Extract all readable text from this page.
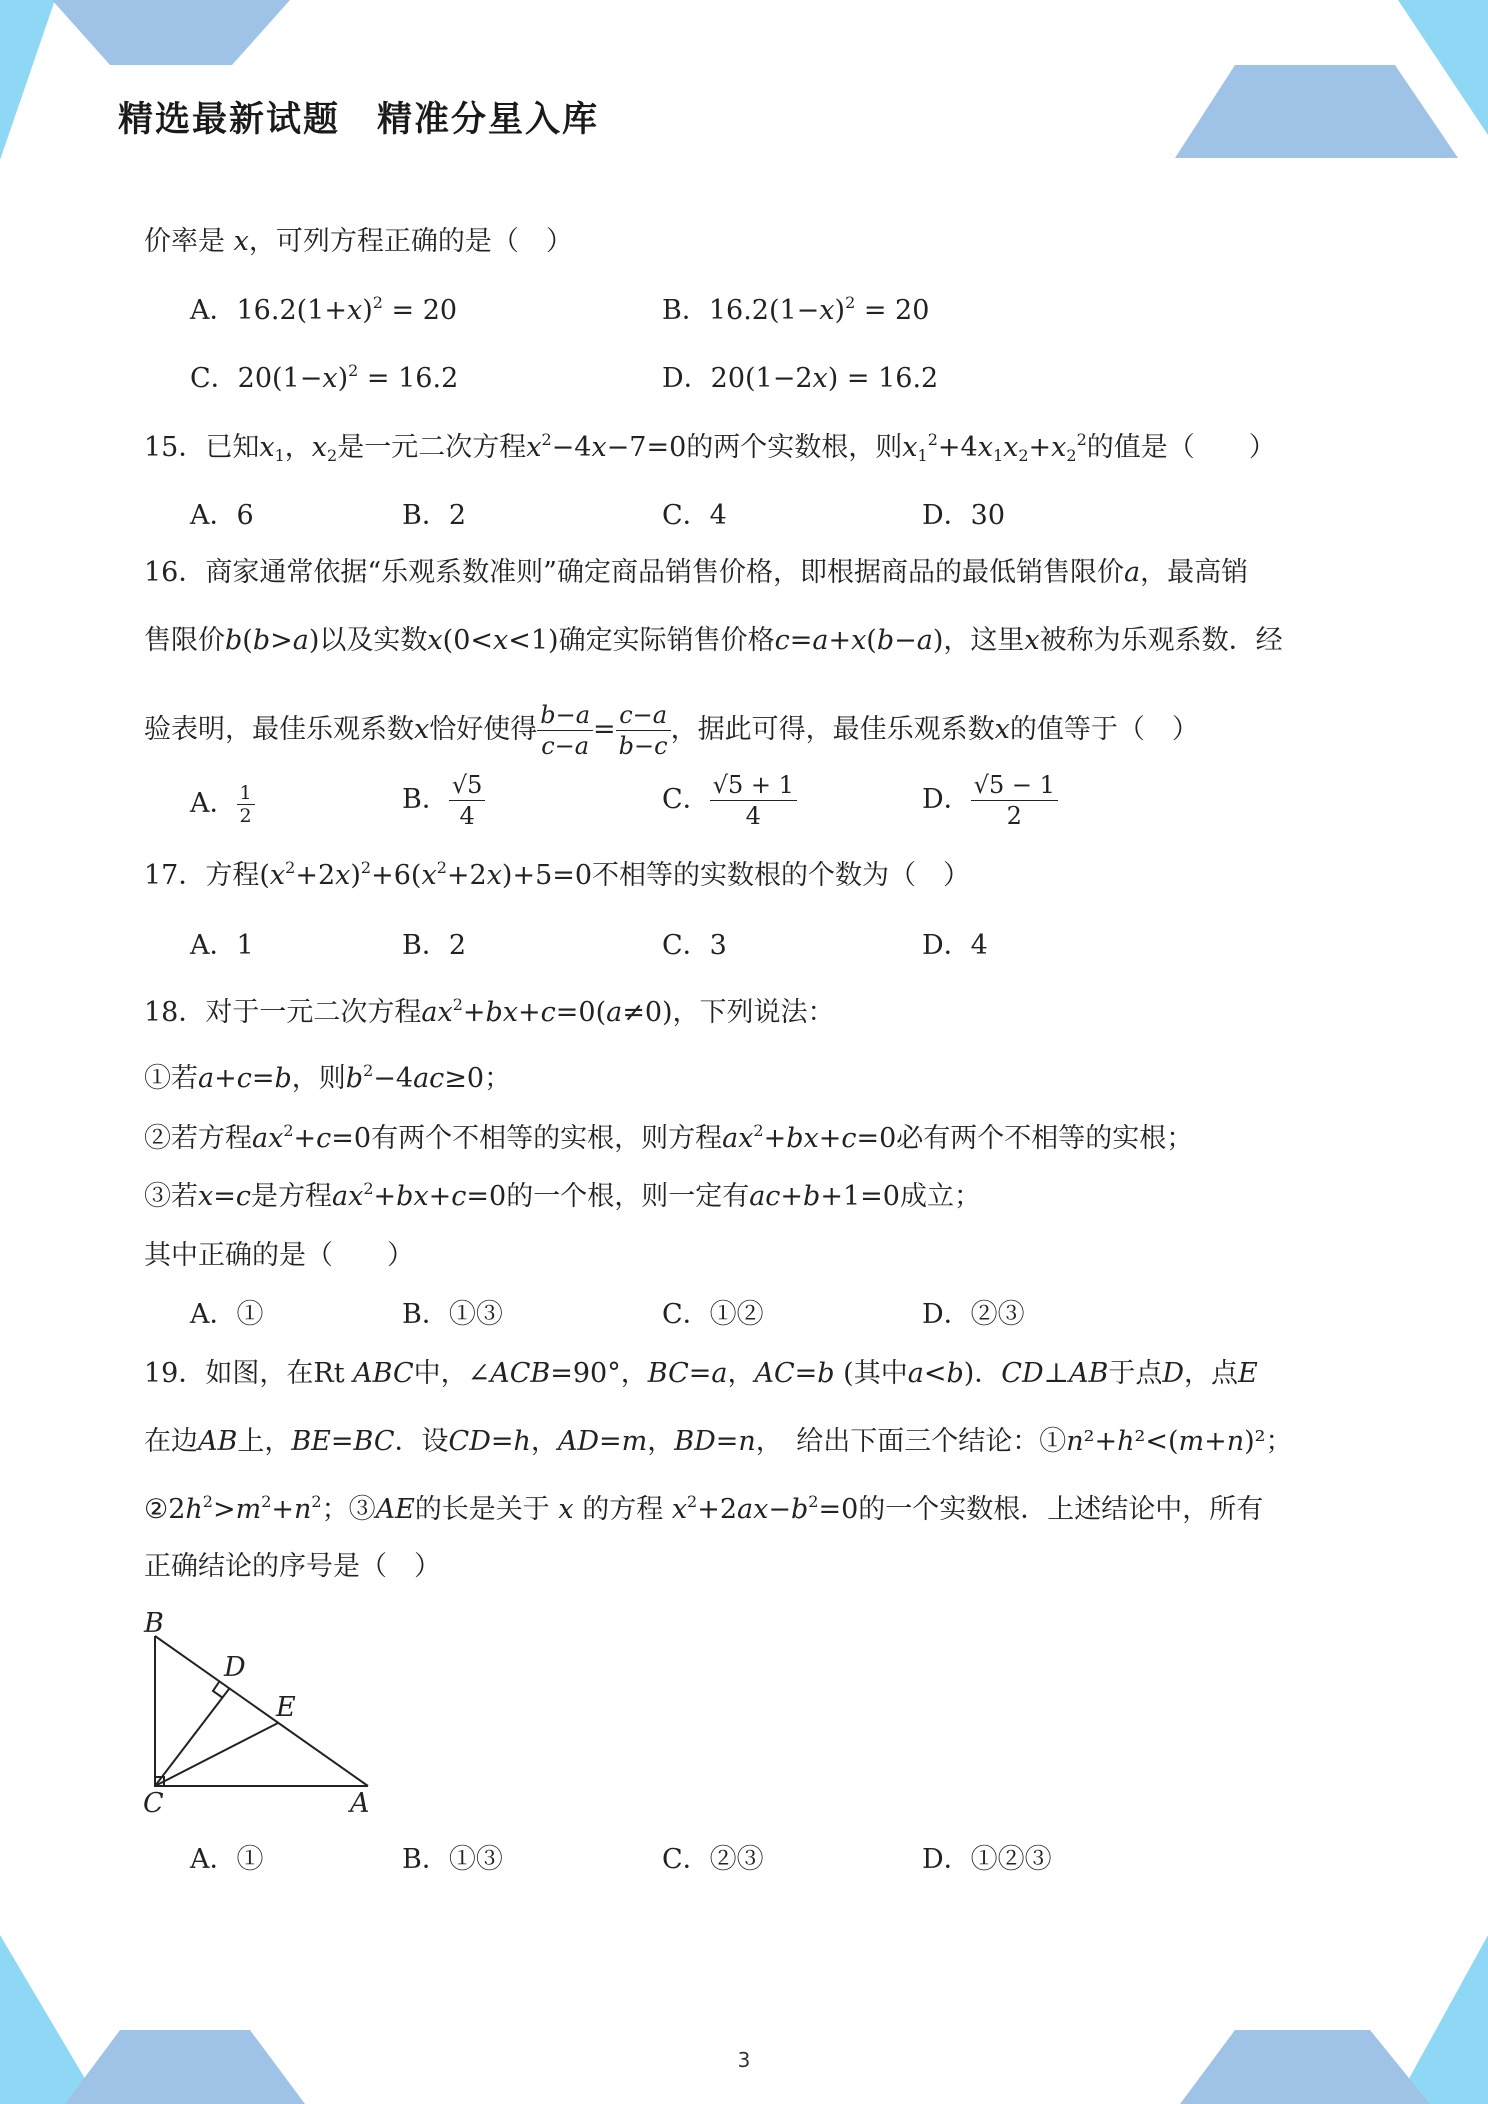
精选最新试题　精准分星入库
价率是 x，可列方程正确的是（　）
A．$16.2(1+x)^2 = 20$	B．$16.2(1-x)^2 = 20$
C．$20(1-x)^2 = 16.2$	D．20(1−2x) = 16.2
15．已知$x_1$，$x_2$是一元二次方程$x^2-4x-7=0$的两个实数根，则$x_1^2+4x_1x_2+x_2^2$的值是（　　）
A．6	B．2	C．4	D．30
16．商家通常依据“乐观系数准则”确定商品销售价格，即根据商品的最低销售限价a，最高销
售限价b(b>a)以及实数x(0<x<1)确定实际销售价格c=a+x(b−a)，这里x被称为乐观系数．经
验表明，最佳乐观系数x恰好使得 $\frac{b-a}{c-a} = \frac{c-a}{b-c}$ ，据此可得，最佳乐观系数x的值等于（　）
A． $\frac{1}{2}$	B． $\frac{√5}{4}$	C． $\frac{√5 + 1}{4}$	D． $\frac{√5 - 1}{2}$
17．方程$(x^2+2x)^2+6(x^2+2x)+5=0$不相等的实数根的个数为（　）
A．1	B．2	C．3	D．4
18．对于一元二次方程$ax^2+bx+c=0(a\ne 0)$，下列说法：
①若a+c=b，则$b^2-4ac\ge 0$；
②若方程$ax^2+c=0$有两个不相等的实根，则方程$ax^2+bx+c=0$必有两个不相等的实根；
③若x=c是方程$ax^2+bx+c=0$的一个根，则一定有ac+b+1=0成立；
其中正确的是（　　）
A．①	B．①③	C．①②	D．②③
19．如图，在Rt ABC中，∠ACB=90°，BC=a，AC=b (其中a<b)．CD⊥AB于点D，点E
在边AB上，BE=BC．设CD=h，AD=m，BD=n，　给出下面三个结论：①n²+h²<(m+n)²；
$②2h^2>m^2+n^2$；③AE的长是关于 x 的方程 $x^2+2ax-b^2=0$的一个实数根．上述结论中，所有
正确结论的序号是（　）
B
D
E
C	A
A．①	B．①③	C．②③	D．①②③
3
